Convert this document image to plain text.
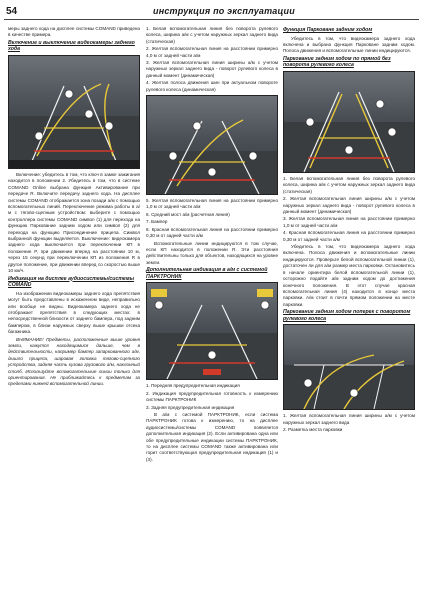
54	инструкция по эксплуатации

меры заднего хода на дисплее системы COMAND приведена в качестве примера.

Включение и выключение видеокамеры заднего хода

Включение: убедитесь в том, что ключ в замке зажигания находится в положении 2. Убедитесь в том, что в системе COMAND Online выбрана функция Активирование при передаче R. Включите передачу заднего хода. На дисплее системы COMAND отображается зона позади а/м с помощью вспомогательных линий. Переключение режима работы в а/м с тягово-сцепным устройством: выберите с помощью контроллера системы COMAND символ (1) для перехода на функцию Паркование задним ходом или символ (2) для перехода на функцию Присоединение прицепа. Символ выбранной функции выделяется. Выключение: видеокамера заднего хода выключается при переключении КП в положение P, при движении вперед на расстоянии 10 м, через 15 секунд при переключении КП из положения R в другое положение, при движении вперед со скоростью выше 10 км/ч.

Индикация на дисплее аудиосистемы/системы COMAND

На изображении видеокамеры заднего хода препятствия могут быть представлены в искаженном виде, неправильно или вообще не видны. Видеокамера заднего хода не отображает препятствия в следующих местах: в непосредственной близости от заднего бампера, под задним бампером, в близи наружных сверху выше крышки отсека багажника.

ВНИМАНИЕ! Предметы, расположенные выше уровня земли, кажутся находящимися дальше, чем в действительности, например бампер запаркованного а/м, дышло прицепа, шаровая головка тягово-сцепного устройства, задняя часть кузова грузового а/м, наклонный столб. Используйте вспомогательные линии только для ориентирования. Не приближайтесь к предметам за пределами нижней вспомогательной линии.

1. Белая вспомогательная линия без поворота рулевого колеса, ширина а/м с учетом наружных зеркал заднего вида (статическая)
2. Желтая вспомогательная линия на расстоянии примерно 4,0 м от задней части а/м
3. Желтая вспомогательная линия ширины а/м с учетом наружных зеркал заднего вида - поворот рулевого колеса в данный момент (динамическая)
4. Желтая полоса движения шин при актуальном повороте рулевого колеса (динамическая)
5. Желтая вспомогательная линия на расстоянии примерно 1,0 м от задней части а/м
6. Средний мост а/м (расчетная линия)
7. Бампер
8. Красная вспомогательная линия на расстоянии примерно 0,30 м от задней части а/м

Вспомогательные линии индицируются в том случае, если КП находится в положении R. Эти расстояния действительны только для объектов, находящихся на уровне земли.

Дополнительная индикация в а/м с системой ПАРКТРОНИК
1. Передняя предупредительная индикация
2. Индикация предупредительная готовность к измерению системы ПАРКТРОНИК
3. Задняя предупредительная индикация

В а/м с системой ПАРКТРОНИК, если система ПАРКТРОНИК готова к измерению, то на дисплее аудиосистемы/системы COMAND появляется дополнительная индикация (2). Если активирована одна или обе предупредительные индикации системы ПАРКТРОНИК, то на дисплее системы COMAND также активирована или горит соответствующая предупредительная индикация (1) и (3).

Функция Парковане задним ходом

Убедитесь в том, что видеокамера заднего хода включена и выбрана функция Парковане задним ходом. Полоса движения и вспомогательные линии индицируются.

Паркование задним ходом по прямой без поворота рулевого колеса
1. Белая вспомогательная линия без поворота рулевого колеса, ширина а/м с учетом наружных зеркал заднего вида (статическая)
2. Желтая вспомогательная линия ширины а/м с учетом наружных зеркал заднего вида - поворот рулевого колеса в данный момент (динамическая)
3. Желтая вспомогательная линия на расстоянии примерно 1,0 м от задней части а/м
4. Красная вспомогательная линия на расстоянии примерно 0,30 м от задней части а/м

Убедитесь в том, что видеокамера заднего хода включена. Полоса движения и вспомогательные линии индицируются. Проверьте белой вспомогательной линии (1), достаточен ли для а/м размер места парковки. Остановитесь в начале ориентира белой вспомогательной линии (1), осторожно подайте а/м задним ходом до достижения конечного положения. В этот случае красная вспомогательная линия (4) находится в конце места парковки. А/м стоит в почти прямом положении на месте парковки.

Паркование задним ходом поперек с поворотом рулевого колеса
1. Желтая вспомогательная линия ширины а/м с учетом наружных зеркал заднего вида
2. Разметка места парковки
